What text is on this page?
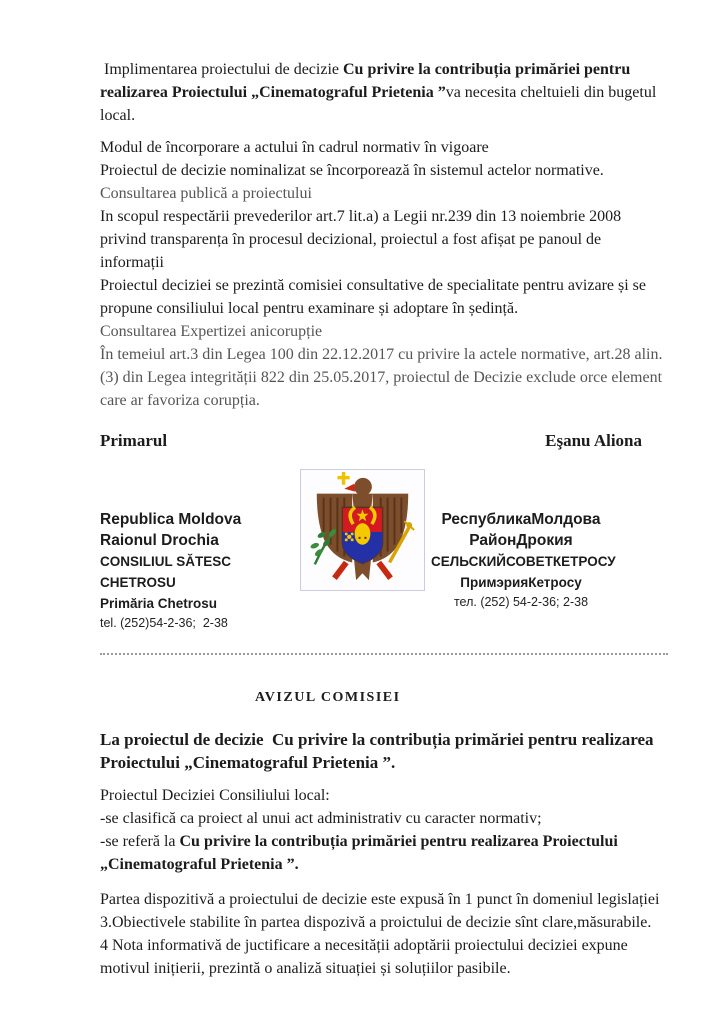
Implimentarea proiectului de decizie Cu privire la contribuția primăriei pentru realizarea Proiectului „Cinematograful Prietenia ”va necesita cheltuieli din bugetul local.

Modul de încorporare a actului în cadrul normativ în vigoare

Proiectul de decizie nominalizat se încorporează în sistemul actelor normative.

Consultarea publică a proiectului

In scopul respectării prevederilor art.7 lit.a) a Legii nr.239 din 13 noiembrie 2008 privind transparența în procesul decizional, proiectul a fost afișat pe panoul de informații

Proiectul deciziei se prezintă comisiei consultative de specialitate pentru avizare și se propune consiliului local pentru examinare și adoptare în ședință.

Consultarea Expertizei anicorupție

În temeiul art.3 din Legea 100 din 22.12.2017 cu privire la actele normative, art.28 alin.(3) din Legea integrității 822 din 25.05.2017, proiectul de Decizie exclude orce element care ar favoriza corupția.

Primarul	Eşanu Aliona
Republica Moldova
Raionul Drochia
CONSILIUL SĂTESC CHETROSU
Primăria Chetrosu
tel. (252)54-2-36;  2-38
РеспубликаМолдова
РайонДрокия
СЕЛЬСКИЙСОВЕТКЕТРОСУ
ПримэрияКетросу
тел. (252) 54-2-36; 2-38
AVIZUL COMISIEI

La proiectul de decizie  Cu privire la contribuția primăriei pentru realizarea Proiectului „Cinematograful Prietenia ”.

Proiectul Deciziei Consiliului local:

-se clasifică ca proiect al unui act administrativ cu caracter normativ;

-se referă la Cu privire la contribuția primăriei pentru realizarea Proiectului „Cinematograful Prietenia ”.

Partea dispozitivă a proiectului de decizie este expusă în 1 punct în domeniul legislației

3.Obiectivele stabilite în partea dispozivă a proictului de decizie sînt clare,măsurabile.

4 Nota informativă de juctificare a necesității adoptării proiectului deciziei expune motivul inițierii, prezintă o analiză situației și soluțiilor pasibile.
